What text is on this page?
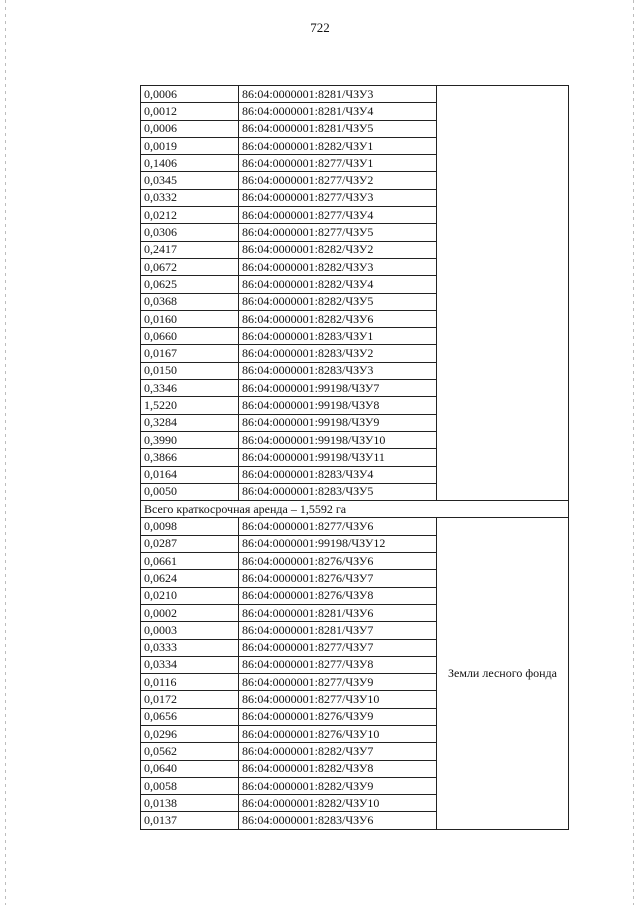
722
0,0006	86:04:0000001:8281/ЧЗУ3	
0,0012	86:04:0000001:8281/ЧЗУ4	
0,0006	86:04:0000001:8281/ЧЗУ5	
0,0019	86:04:0000001:8282/ЧЗУ1	
0,1406	86:04:0000001:8277/ЧЗУ1	
0,0345	86:04:0000001:8277/ЧЗУ2	
0,0332	86:04:0000001:8277/ЧЗУ3	
0,0212	86:04:0000001:8277/ЧЗУ4	
0,0306	86:04:0000001:8277/ЧЗУ5	
0,2417	86:04:0000001:8282/ЧЗУ2	
0,0672	86:04:0000001:8282/ЧЗУ3	
0,0625	86:04:0000001:8282/ЧЗУ4	
0,0368	86:04:0000001:8282/ЧЗУ5	
0,0160	86:04:0000001:8282/ЧЗУ6	
0,0660	86:04:0000001:8283/ЧЗУ1	
0,0167	86:04:0000001:8283/ЧЗУ2	
0,0150	86:04:0000001:8283/ЧЗУ3	
0,3346	86:04:0000001:99198/ЧЗУ7	
1,5220	86:04:0000001:99198/ЧЗУ8	
0,3284	86:04:0000001:99198/ЧЗУ9	
0,3990	86:04:0000001:99198/ЧЗУ10	
0,3866	86:04:0000001:99198/ЧЗУ11	
0,0164	86:04:0000001:8283/ЧЗУ4	
0,0050	86:04:0000001:8283/ЧЗУ5	
Всего краткосрочная аренда – 1,5592 га		
0,0098	86:04:0000001:8277/ЧЗУ6	Земли лесного фонда
0,0287	86:04:0000001:99198/ЧЗУ12	
0,0661	86:04:0000001:8276/ЧЗУ6	
0,0624	86:04:0000001:8276/ЧЗУ7	
0,0210	86:04:0000001:8276/ЧЗУ8	
0,0002	86:04:0000001:8281/ЧЗУ6	
0,0003	86:04:0000001:8281/ЧЗУ7	
0,0333	86:04:0000001:8277/ЧЗУ7	
0,0334	86:04:0000001:8277/ЧЗУ8	
0,0116	86:04:0000001:8277/ЧЗУ9	
0,0172	86:04:0000001:8277/ЧЗУ10	
0,0656	86:04:0000001:8276/ЧЗУ9	
0,0296	86:04:0000001:8276/ЧЗУ10	
0,0562	86:04:0000001:8282/ЧЗУ7	
0,0640	86:04:0000001:8282/ЧЗУ8	
0,0058	86:04:0000001:8282/ЧЗУ9	
0,0138	86:04:0000001:8282/ЧЗУ10	
0,0137	86:04:0000001:8283/ЧЗУ6	
